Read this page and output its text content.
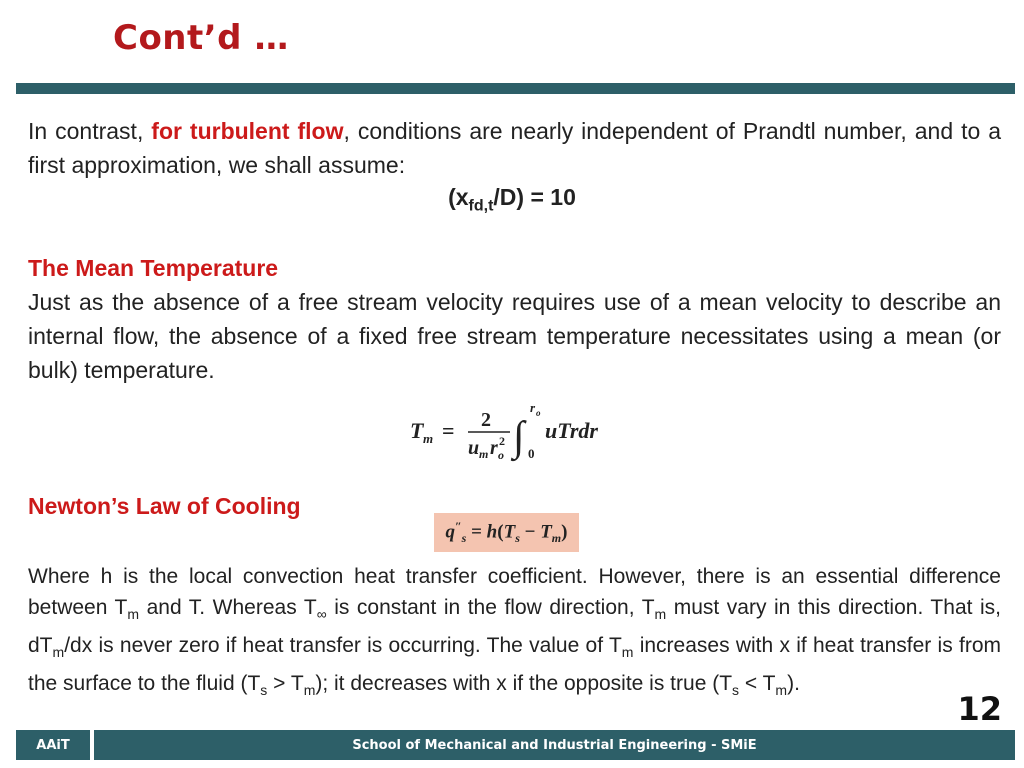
Cont’d …
In contrast, for turbulent flow, conditions are nearly independent of Prandtl number, and to a first approximation, we shall assume:
$(x_{fd,t}/D) = 10$
The Mean Temperature
Just as the absence of a free stream velocity requires use of a mean velocity to describe an internal flow, the absence of a fixed free stream temperature necessitates using a mean (or bulk) temperature.
T m = 2
u m r o
2 ∫
r o
0
uTrdr
Newton’s Law of Cooling
$q''_s = h(T_s - T_m)$
Where h is the local convection heat transfer coefficient. However, there is an essential difference between $T_m$ and T. Whereas $T_\infty$ is constant in the flow direction, $T_m$ must vary in this direction. That is, $dT_m/dx$ is never zero if heat transfer is occurring. The value of $T_m$ increases with x if heat transfer is from the surface to the fluid $(T_s > T_m)$; it decreases with x if the opposite is true $(T_s < T_m)$.
12
AAiT	School of Mechanical and Industrial Engineering - SMiE
